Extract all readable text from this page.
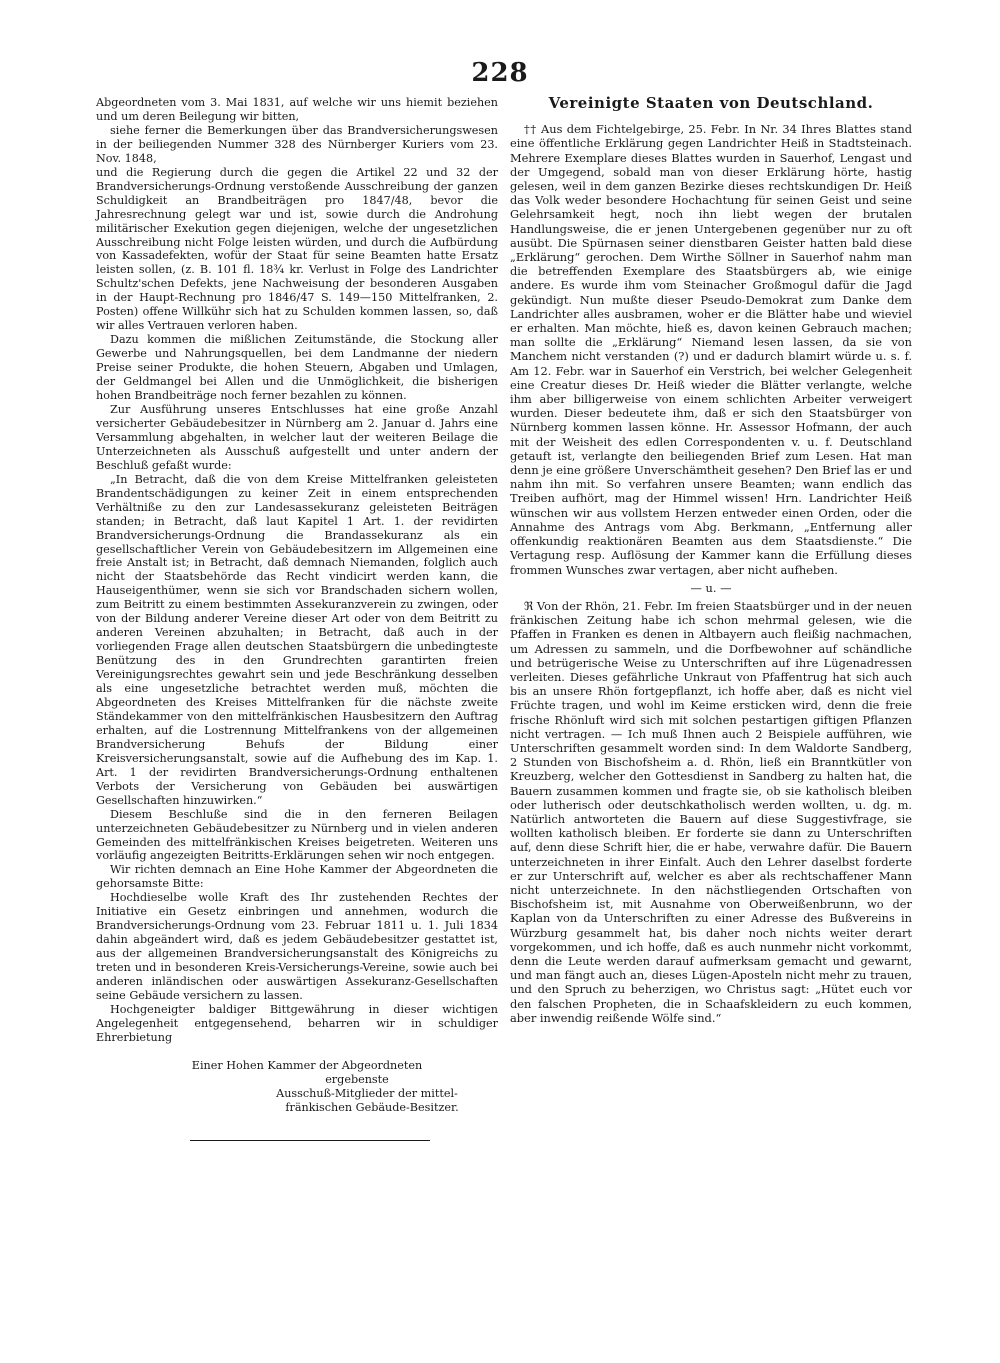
228

Abgeordneten vom 3. Mai 1831, auf welche wir uns hiemit beziehen und um deren Beilegung wir bitten,

siehe ferner die Bemerkungen über das Brandversicherungswesen in der beiliegenden Nummer 328 des Nürnberger Kuriers vom 23. Nov. 1848,

und die Regierung durch die gegen die Artikel 22 und 32 der Brandversicherungs-Ordnung verstoßende Ausschreibung der ganzen Schuldigkeit an Brandbeiträgen pro 1847/48, bevor die Jahresrechnung gelegt war und ist, sowie durch die Androhung militärischer Exekution gegen diejenigen, welche der ungesetzlichen Ausschreibung nicht Folge leisten würden, und durch die Aufbürdung von Kassadefekten, wofür der Staat für seine Beamten hatte Ersatz leisten sollen, (z. B. 101 fl. 18¾ kr. Verlust in Folge des Landrichter Schultz'schen Defekts, jene Nachweisung der besonderen Ausgaben in der Haupt-Rechnung pro 1846/47 S. 149—150 Mittelfranken, 2. Posten) offene Willkühr sich hat zu Schulden kommen lassen, so, daß wir alles Vertrauen verloren haben.

Dazu kommen die mißlichen Zeitumstände, die Stockung aller Gewerbe und Nahrungsquellen, bei dem Landmanne der niedern Preise seiner Produkte, die hohen Steuern, Abgaben und Umlagen, der Geldmangel bei Allen und die Unmöglichkeit, die bisherigen hohen Brandbeiträge noch ferner bezahlen zu können.

Zur Ausführung unseres Entschlusses hat eine große Anzahl versicherter Gebäudebesitzer in Nürnberg am 2. Januar d. Jahrs eine Versammlung abgehalten, in welcher laut der weiteren Beilage die Unterzeichneten als Ausschuß aufgestellt und unter andern der Beschluß gefaßt wurde:

„In Betracht, daß die von dem Kreise Mittelfranken geleisteten Brandentschädigungen zu keiner Zeit in einem entsprechenden Verhältniße zu den zur Landesassekuranz geleisteten Beiträgen standen; in Betracht, daß laut Kapitel 1 Art. 1. der revidirten Brandversicherungs-Ordnung die Brandassekuranz als ein gesellschaftlicher Verein von Gebäudebesitzern im Allgemeinen eine freie Anstalt ist; in Betracht, daß demnach Niemanden, folglich auch nicht der Staatsbehörde das Recht vindicirt werden kann, die Hauseigenthümer, wenn sie sich vor Brandschaden sichern wollen, zum Beitritt zu einem bestimmten Assekuranzverein zu zwingen, oder von der Bildung anderer Vereine dieser Art oder von dem Beitritt zu anderen Vereinen abzuhalten; in Betracht, daß auch in der vorliegenden Frage allen deutschen Staatsbürgern die unbedingteste Benützung des in den Grundrechten garantirten freien Vereinigungsrechtes gewahrt sein und jede Beschränkung desselben als eine ungesetzliche betrachtet werden muß, möchten die Abgeordneten des Kreises Mittelfranken für die nächste zweite Ständekammer von den mittelfränkischen Hausbesitzern den Auftrag erhalten, auf die Lostrennung Mittelfrankens von der allgemeinen Brandversicherung Behufs der Bildung einer Kreisversicherungsanstalt, sowie auf die Aufhebung des im Kap. 1. Art. 1 der revidirten Brandversicherungs-Ordnung enthaltenen Verbots der Versicherung von Gebäuden bei auswärtigen Gesellschaften hinzuwirken.“

Diesem Beschluße sind die in den ferneren Beilagen unterzeichneten Gebäudebesitzer zu Nürnberg und in vielen anderen Gemeinden des mittelfränkischen Kreises beigetreten. Weiteren uns vorläufig angezeigten Beitritts-Erklärungen sehen wir noch entgegen.

Wir richten demnach an Eine Hohe Kammer der Abgeordneten die gehorsamste Bitte:

Hochdieselbe wolle Kraft des Ihr zustehenden Rechtes der Initiative ein Gesetz einbringen und annehmen, wodurch die Brandversicherungs-Ordnung vom 23. Februar 1811 u. 1. Juli 1834 dahin abgeändert wird, daß es jedem Gebäudebesitzer gestattet ist, aus der allgemeinen Brandversicherungsanstalt des Königreichs zu treten und in besonderen Kreis-Versicherungs-Vereine, sowie auch bei anderen inländischen oder auswärtigen Assekuranz-Gesellschaften seine Gebäude versichern zu lassen.

Hochgeneigter baldiger Bittgewährung in dieser wichtigen Angelegenheit entgegensehend, beharren wir in schuldiger Ehrerbietung

Einer Hohen Kammer der Abgeordneten
ergebenste
Ausschuß-Mitglieder der mittel-
fränkischen Gebäude-Besitzer.
Vereinigte Staaten von Deutschland.

†† Aus dem Fichtelgebirge, 25. Febr. In Nr. 34 Ihres Blattes stand eine öffentliche Erklärung gegen Landrichter Heiß in Stadtsteinach. Mehrere Exemplare dieses Blattes wurden in Sauerhof, Lengast und der Umgegend, sobald man von dieser Erklärung hörte, hastig gelesen, weil in dem ganzen Bezirke dieses rechtskundigen Dr. Heiß das Volk weder besondere Hochachtung für seinen Geist und seine Gelehrsamkeit hegt, noch ihn liebt wegen der brutalen Handlungsweise, die er jenen Untergebenen gegenüber nur zu oft ausübt. Die Spürnasen seiner dienstbaren Geister hatten bald diese „Erklärung“ gerochen. Dem Wirthe Söllner in Sauerhof nahm man die betreffenden Exemplare des Staatsbürgers ab, wie einige andere. Es wurde ihm vom Steinacher Großmogul dafür die Jagd gekündigt. Nun mußte dieser Pseudo-Demokrat zum Danke dem Landrichter alles ausbramen, woher er die Blätter habe und wieviel er erhalten. Man möchte, hieß es, davon keinen Gebrauch machen; man sollte die „Erklärung“ Niemand lesen lassen, da sie von Manchem nicht verstanden (?) und er dadurch blamirt würde u. s. f. Am 12. Febr. war in Sauerhof ein Verstrich, bei welcher Gelegenheit eine Creatur dieses Dr. Heiß wieder die Blätter verlangte, welche ihm aber billigerweise von einem schlichten Arbeiter verweigert wurden. Dieser bedeutete ihm, daß er sich den Staatsbürger von Nürnberg kommen lassen könne. Hr. Assessor Hofmann, der auch mit der Weisheit des edlen Correspondenten v. u. f. Deutschland getauft ist, verlangte den beiliegenden Brief zum Lesen. Hat man denn je eine größere Unverschämtheit gesehen? Den Brief las er und nahm ihn mit. So verfahren unsere Beamten; wann endlich das Treiben aufhört, mag der Himmel wissen! Hrn. Landrichter Heiß wünschen wir aus vollstem Herzen entweder einen Orden, oder die Annahme des Antrags vom Abg. Berkmann, „Entfernung aller offenkundig reaktionären Beamten aus dem Staatsdienste.“ Die Vertagung resp. Auflösung der Kammer kann die Erfüllung dieses frommen Wunsches zwar vertagen, aber nicht aufheben.

— u. —

ℜ Von der Rhön, 21. Febr. Im freien Staatsbürger und in der neuen fränkischen Zeitung habe ich schon mehrmal gelesen, wie die Pfaffen in Franken es denen in Altbayern auch fleißig nachmachen, um Adressen zu sammeln, und die Dorfbewohner auf schändliche und betrügerische Weise zu Unterschriften auf ihre Lügenadressen verleiten. Dieses gefährliche Unkraut von Pfaffentrug hat sich auch bis an unsere Rhön fortgepflanzt, ich hoffe aber, daß es nicht viel Früchte tragen, und wohl im Keime ersticken wird, denn die freie frische Rhönluft wird sich mit solchen pestartigen giftigen Pflanzen nicht vertragen. — Ich muß Ihnen auch 2 Beispiele aufführen, wie Unterschriften gesammelt worden sind: In dem Waldorte Sandberg, 2 Stunden von Bischofsheim a. d. Rhön, ließ ein Branntkütler von Kreuzberg, welcher den Gottesdienst in Sandberg zu halten hat, die Bauern zusammen kommen und fragte sie, ob sie katholisch bleiben oder lutherisch oder deutschkatholisch werden wollten, u. dg. m. Natürlich antworteten die Bauern auf diese Suggestivfrage, sie wollten katholisch bleiben. Er forderte sie dann zu Unterschriften auf, denn diese Schrift hier, die er habe, verwahre dafür. Die Bauern unterzeichneten in ihrer Einfalt. Auch den Lehrer daselbst forderte er zur Unterschrift auf, welcher es aber als rechtschaffener Mann nicht unterzeichnete. In den nächstliegenden Ortschaften von Bischofsheim ist, mit Ausnahme von Oberweißenbrunn, wo der Kaplan von da Unterschriften zu einer Adresse des Bußvereins in Würzburg gesammelt hat, bis daher noch nichts weiter derart vorgekommen, und ich hoffe, daß es auch nunmehr nicht vorkommt, denn die Leute werden darauf aufmerksam gemacht und gewarnt, und man fängt auch an, dieses Lügen-Aposteln nicht mehr zu trauen, und den Spruch zu beherzigen, wo Christus sagt: „Hütet euch vor den falschen Propheten, die in Schaafskleidern zu euch kommen, aber inwendig reißende Wölfe sind.“
